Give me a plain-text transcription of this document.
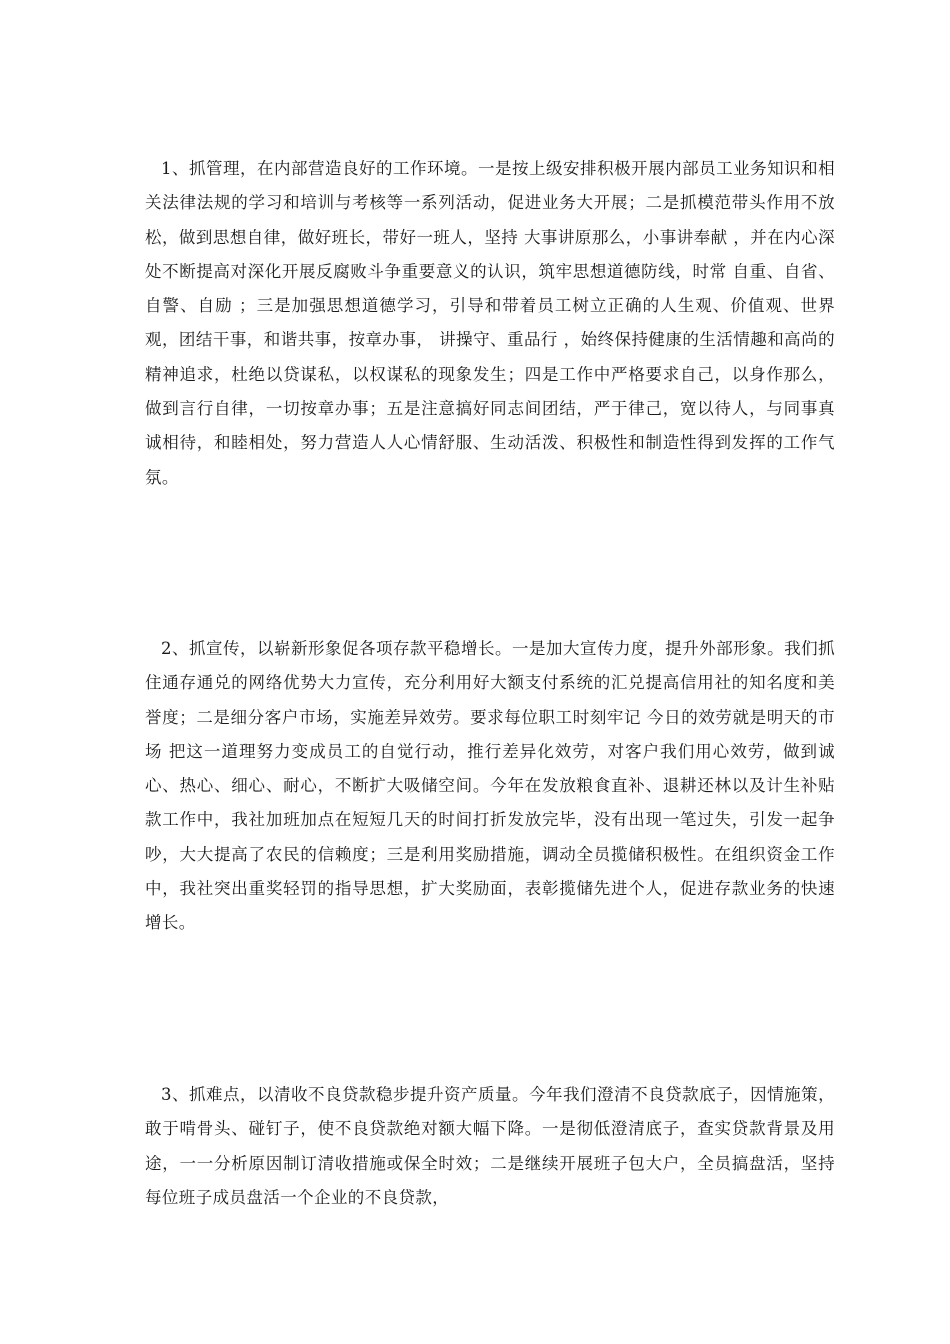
1、抓管理，在内部营造良好的工作环境。一是按上级安排积极开展内部员工业务知识和相关法律法规的学习和培训与考核等一系列活动，促进业务大开展；二是抓模范带头作用不放松，做到思想自律，做好班长，带好一班人，坚持 大事讲原那么，小事讲奉献 ，并在内心深处不断提高对深化开展反腐败斗争重要意义的认识，筑牢思想道德防线，时常 自重、自省、自警、自励 ；三是加强思想道德学习，引导和带着员工树立正确的人生观、价值观、世界观，团结干事，和谐共事，按章办事， 讲操守、重品行 ，始终保持健康的生活情趣和高尚的精神追求，杜绝以贷谋私，以权谋私的现象发生；四是工作中严格要求自己，以身作那么，做到言行自律，一切按章办事；五是注意搞好同志间团结，严于律己，宽以待人，与同事真诚相待，和睦相处，努力营造人人心情舒服、生动活泼、积极性和制造性得到发挥的工作气氛。

2、抓宣传，以崭新形象促各项存款平稳增长。一是加大宣传力度，提升外部形象。我们抓住通存通兑的网络优势大力宣传，充分利用好大额支付系统的汇兑提高信用社的知名度和美誉度；二是细分客户市场，实施差异效劳。要求每位职工时刻牢记 今日的效劳就是明天的市场 把这一道理努力变成员工的自觉行动，推行差异化效劳，对客户我们用心效劳，做到诚心、热心、细心、耐心，不断扩大吸储空间。今年在发放粮食直补、退耕还林以及计生补贴款工作中，我社加班加点在短短几天的时间打折发放完毕，没有出现一笔过失，引发一起争吵，大大提高了农民的信赖度；三是利用奖励措施，调动全员揽储积极性。在组织资金工作中，我社突出重奖轻罚的指导思想，扩大奖励面，表彰揽储先进个人，促进存款业务的快速增长。

3、抓难点，以清收不良贷款稳步提升资产质量。今年我们澄清不良贷款底子，因情施策，敢于啃骨头、碰钉子，使不良贷款绝对额大幅下降。一是彻低澄清底子，查实贷款背景及用途，一一分析原因制订清收措施或保全时效；二是继续开展班子包大户，全员搞盘活，坚持每位班子成员盘活一个企业的不良贷款，
